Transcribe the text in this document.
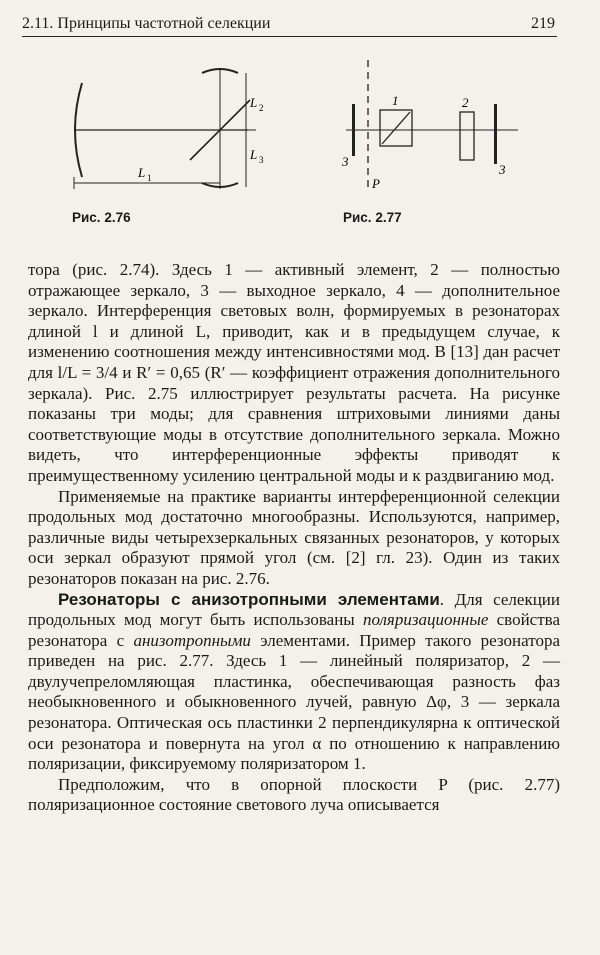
2.11. Принципы частотной селекции	219
L 2
L 3
L 1
Рис. 2.76
1	2
3
3
P
Рис. 2.77

тора (рис. 2.74). Здесь 1 — активный элемент, 2 — полностью отражающее зеркало, 3 — выходное зеркало, 4 — дополнительное зеркало. Интерференция световых волн, формируемых в резонаторах длиной l и длиной L, приводит, как и в предыдущем случае, к изменению соотношения между интенсивностями мод. В [13] дан расчет для l/L = 3/4 и R′ = 0,65 (R′ — коэффициент отражения дополнительного зеркала). Рис. 2.75 иллюстрирует результаты расчета. На рисунке показаны три моды; для сравнения штриховыми линиями даны соответствующие моды в отсутствие дополнительного зеркала. Можно видеть, что интерференционные эффекты приводят к преимущественному усилению центральной моды и к раздвиганию мод.

Применяемые на практике варианты интерференционной селекции продольных мод достаточно многообразны. Используются, например, различные виды четырехзеркальных связанных резонаторов, у которых оси зеркал образуют прямой угол (см. [2] гл. 23). Один из таких резонаторов показан на рис. 2.76.

Резонаторы с анизотропными элементами. Для селекции продольных мод могут быть использованы поляризационные свойства резонатора с анизотропными элементами. Пример такого резонатора приведен на рис. 2.77. Здесь 1 — линейный поляризатор, 2 — двулучепреломляющая пластинка, обеспечивающая разность фаз необыкновенного и обыкновенного лучей, равную Δφ, 3 — зеркала резонатора. Оптическая ось пластинки 2 перпендикулярна к оптической оси резонатора и повернута на угол α по отношению к направлению поляризации, фиксируемому поляризатором 1.

Предположим, что в опорной плоскости P (рис. 2.77) поляризационное состояние светового луча описывается
